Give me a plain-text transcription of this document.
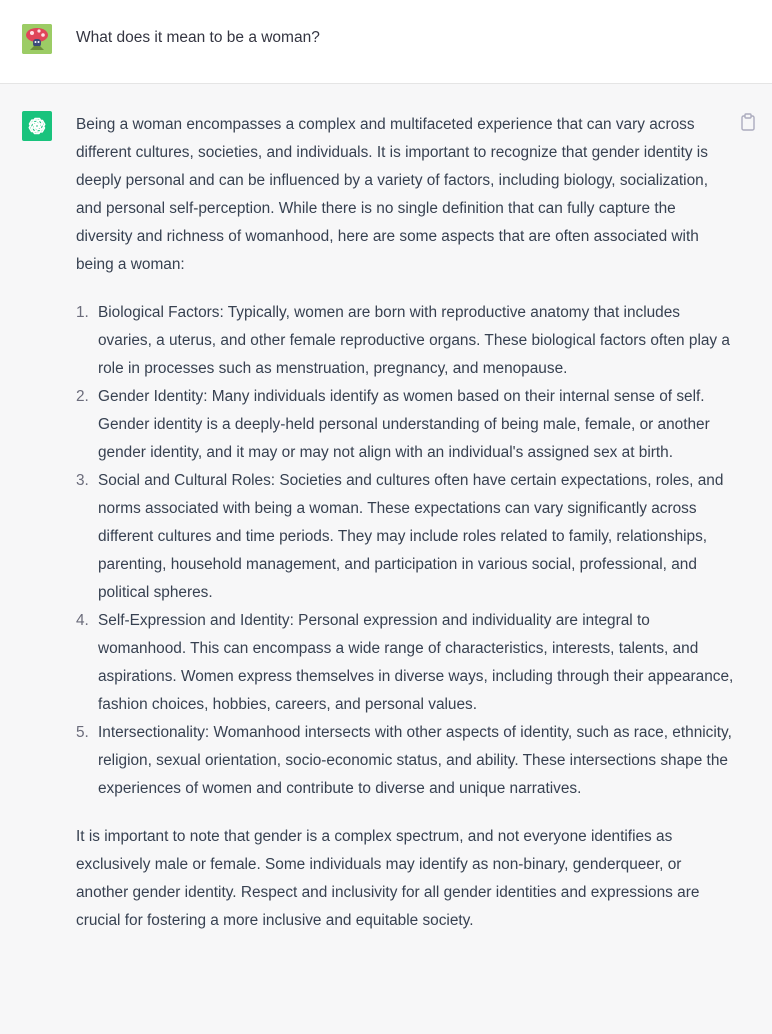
What does it mean to be a woman?

Being a woman encompasses a complex and multifaceted experience that can vary across different cultures, societies, and individuals. It is important to recognize that gender identity is deeply personal and can be influenced by a variety of factors, including biology, socialization, and personal self-perception. While there is no single definition that can fully capture the diversity and richness of womanhood, here are some aspects that are often associated with being a woman:

1. Biological Factors: Typically, women are born with reproductive anatomy that includes ovaries, a uterus, and other female reproductive organs. These biological factors often play a role in processes such as menstruation, pregnancy, and menopause.
2. Gender Identity: Many individuals identify as women based on their internal sense of self. Gender identity is a deeply-held personal understanding of being male, female, or another gender identity, and it may or may not align with an individual's assigned sex at birth.
3. Social and Cultural Roles: Societies and cultures often have certain expectations, roles, and norms associated with being a woman. These expectations can vary significantly across different cultures and time periods. They may include roles related to family, relationships, parenting, household management, and participation in various social, professional, and political spheres.
4. Self-Expression and Identity: Personal expression and individuality are integral to womanhood. This can encompass a wide range of characteristics, interests, talents, and aspirations. Women express themselves in diverse ways, including through their appearance, fashion choices, hobbies, careers, and personal values.
5. Intersectionality: Womanhood intersects with other aspects of identity, such as race, ethnicity, religion, sexual orientation, socio-economic status, and ability. These intersections shape the experiences of women and contribute to diverse and unique narratives.

It is important to note that gender is a complex spectrum, and not everyone identifies as exclusively male or female. Some individuals may identify as non-binary, genderqueer, or another gender identity. Respect and inclusivity for all gender identities and expressions are crucial for fostering a more inclusive and equitable society.
